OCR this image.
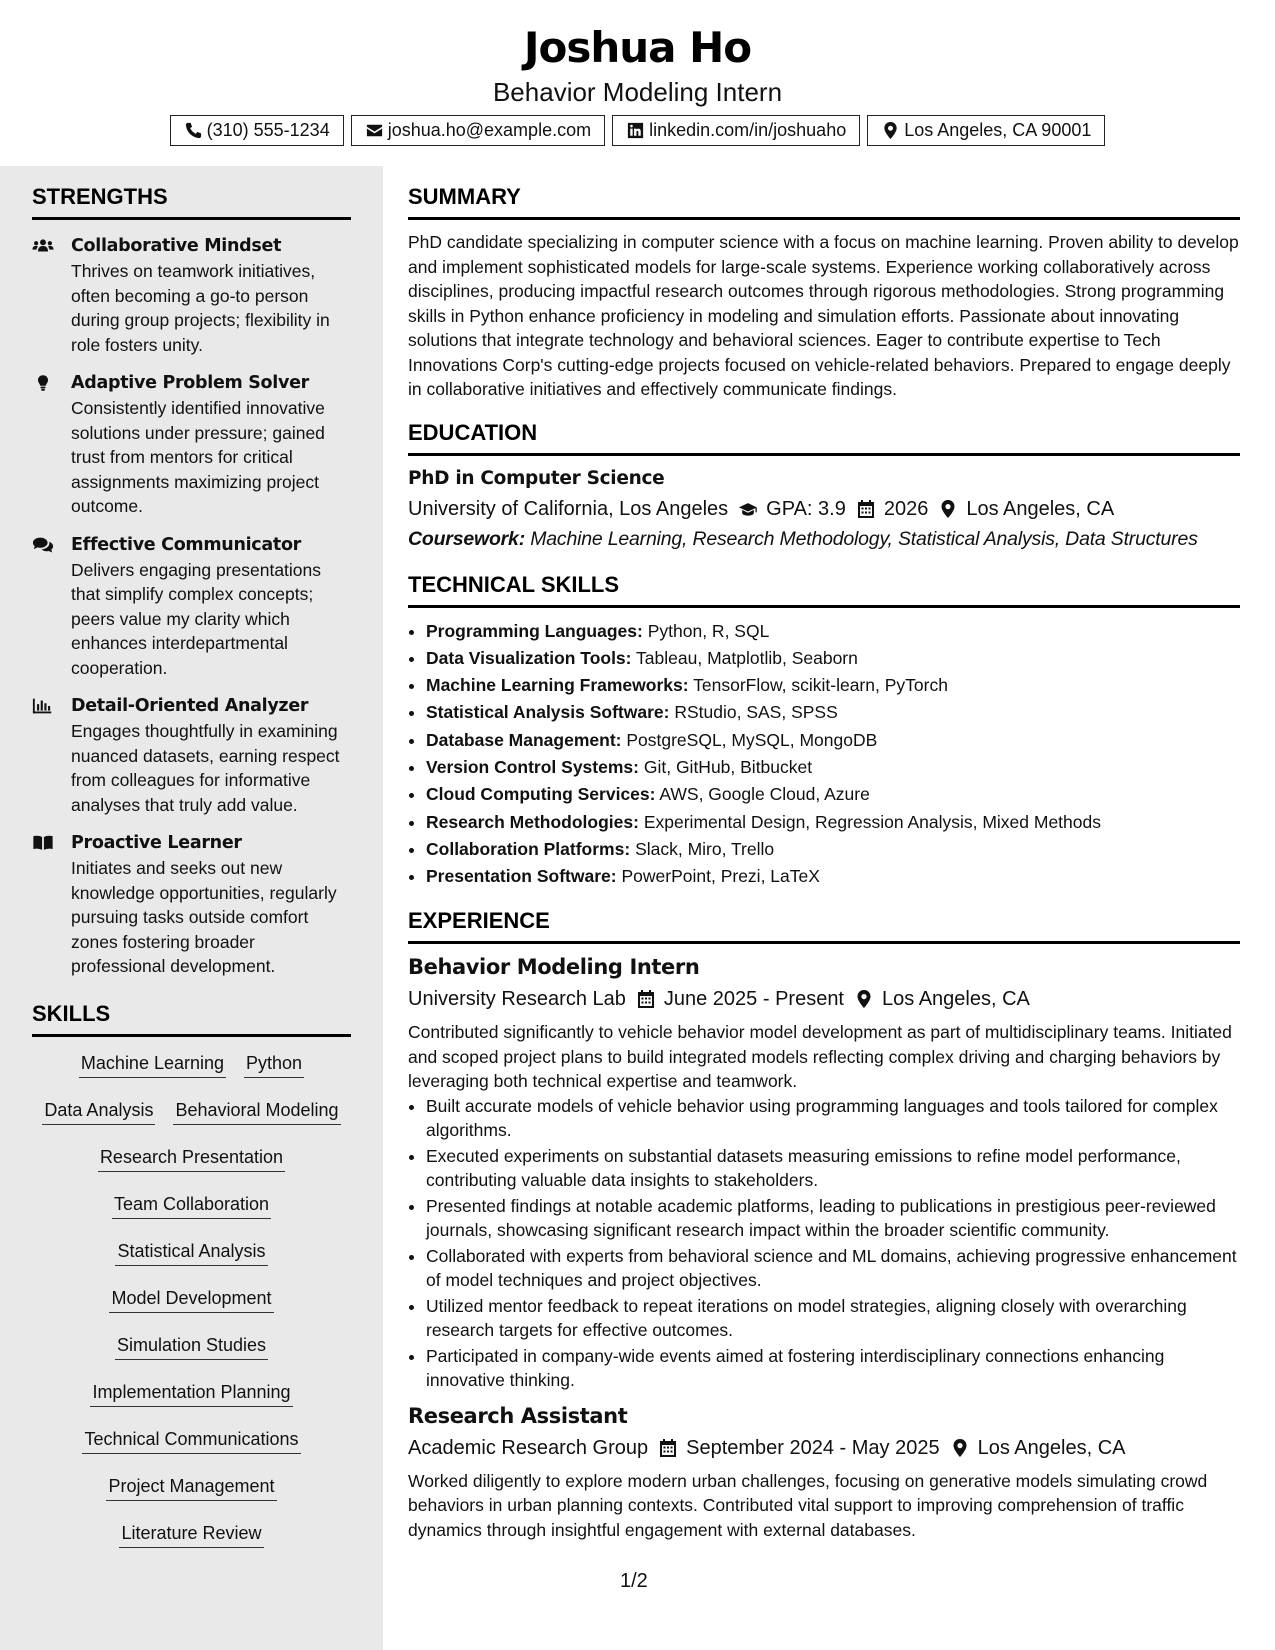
Joshua Ho
Behavior Modeling Intern
(310) 555-1234	joshua.ho@example.com	linkedin.com/in/joshuaho	Los Angeles, CA 90001
STRENGTHS
Collaborative Mindset
Thrives on teamwork initiatives, often becoming a go-to person during group projects; flexibility in role fosters unity.
Adaptive Problem Solver
Consistently identified innovative solutions under pressure; gained trust from mentors for critical assignments maximizing project outcome.
Effective Communicator
Delivers engaging presentations that simplify complex concepts; peers value my clarity which enhances interdepartmental cooperation.
Detail-Oriented Analyzer
Engages thoughtfully in examining nuanced datasets, earning respect from colleagues for informative analyses that truly add value.
Proactive Learner
Initiates and seeks out new knowledge opportunities, regularly pursuing tasks outside comfort zones fostering broader professional development.
SKILLS
Machine Learning Python
Data Analysis Behavioral Modeling
Research Presentation
Team Collaboration
Statistical Analysis
Model Development
Simulation Studies
Implementation Planning
Technical Communications
Project Management
Literature Review
SUMMARY
PhD candidate specializing in computer science with a focus on machine learning. Proven ability to develop and implement sophisticated models for large-scale systems. Experience working collaboratively across disciplines, producing impactful research outcomes through rigorous methodologies. Strong programming skills in Python enhance proficiency in modeling and simulation efforts. Passionate about innovating solutions that integrate technology and behavioral sciences. Eager to contribute expertise to Tech Innovations Corp's cutting-edge projects focused on vehicle-related behaviors. Prepared to engage deeply in collaborative initiatives and effectively communicate findings.
EDUCATION
PhD in Computer Science
University of California, Los Angeles GPA: 3.9 2026 Los Angeles, CA
Coursework: Machine Learning, Research Methodology, Statistical Analysis, Data Structures
TECHNICAL SKILLS
• Programming Languages: Python, R, SQL
• Data Visualization Tools: Tableau, Matplotlib, Seaborn
• Machine Learning Frameworks: TensorFlow, scikit-learn, PyTorch
• Statistical Analysis Software: RStudio, SAS, SPSS
• Database Management: PostgreSQL, MySQL, MongoDB
• Version Control Systems: Git, GitHub, Bitbucket
• Cloud Computing Services: AWS, Google Cloud, Azure
• Research Methodologies: Experimental Design, Regression Analysis, Mixed Methods
• Collaboration Platforms: Slack, Miro, Trello
• Presentation Software: PowerPoint, Prezi, LaTeX
EXPERIENCE
Behavior Modeling Intern
University Research Lab June 2025 - Present Los Angeles, CA
Contributed significantly to vehicle behavior model development as part of multidisciplinary teams. Initiated and scoped project plans to build integrated models reflecting complex driving and charging behaviors by leveraging both technical expertise and teamwork.
• Built accurate models of vehicle behavior using programming languages and tools tailored for complex algorithms.
• Executed experiments on substantial datasets measuring emissions to refine model performance, contributing valuable data insights to stakeholders.
• Presented findings at notable academic platforms, leading to publications in prestigious peer-reviewed journals, showcasing significant research impact within the broader scientific community.
• Collaborated with experts from behavioral science and ML domains, achieving progressive enhancement of model techniques and project objectives.
• Utilized mentor feedback to repeat iterations on model strategies, aligning closely with overarching research targets for effective outcomes.
• Participated in company-wide events aimed at fostering interdisciplinary connections enhancing innovative thinking.
Research Assistant
Academic Research Group September 2024 - May 2025 Los Angeles, CA
Worked diligently to explore modern urban challenges, focusing on generative models simulating crowd behaviors in urban planning contexts. Contributed vital support to improving comprehension of traffic dynamics through insightful engagement with external databases.
1/2
